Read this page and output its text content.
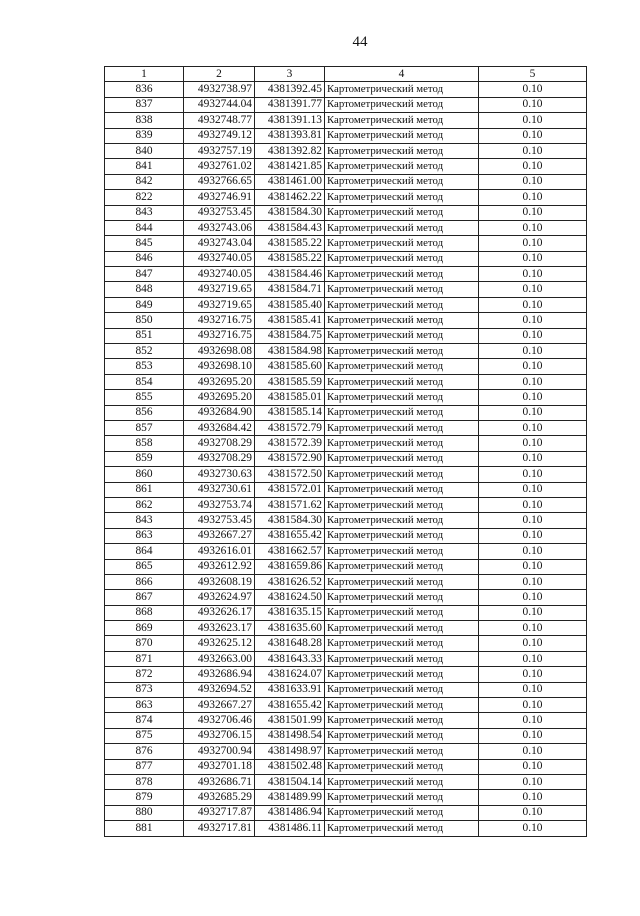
44
1	2	3	4	5
836	4932738.97	4381392.45	Картометрический метод	0.10
837	4932744.04	4381391.77	Картометрический метод	0.10
838	4932748.77	4381391.13	Картометрический метод	0.10
839	4932749.12	4381393.81	Картометрический метод	0.10
840	4932757.19	4381392.82	Картометрический метод	0.10
841	4932761.02	4381421.85	Картометрический метод	0.10
842	4932766.65	4381461.00	Картометрический метод	0.10
822	4932746.91	4381462.22	Картометрический метод	0.10
843	4932753.45	4381584.30	Картометрический метод	0.10
844	4932743.06	4381584.43	Картометрический метод	0.10
845	4932743.04	4381585.22	Картометрический метод	0.10
846	4932740.05	4381585.22	Картометрический метод	0.10
847	4932740.05	4381584.46	Картометрический метод	0.10
848	4932719.65	4381584.71	Картометрический метод	0.10
849	4932719.65	4381585.40	Картометрический метод	0.10
850	4932716.75	4381585.41	Картометрический метод	0.10
851	4932716.75	4381584.75	Картометрический метод	0.10
852	4932698.08	4381584.98	Картометрический метод	0.10
853	4932698.10	4381585.60	Картометрический метод	0.10
854	4932695.20	4381585.59	Картометрический метод	0.10
855	4932695.20	4381585.01	Картометрический метод	0.10
856	4932684.90	4381585.14	Картометрический метод	0.10
857	4932684.42	4381572.79	Картометрический метод	0.10
858	4932708.29	4381572.39	Картометрический метод	0.10
859	4932708.29	4381572.90	Картометрический метод	0.10
860	4932730.63	4381572.50	Картометрический метод	0.10
861	4932730.61	4381572.01	Картометрический метод	0.10
862	4932753.74	4381571.62	Картометрический метод	0.10
843	4932753.45	4381584.30	Картометрический метод	0.10
863	4932667.27	4381655.42	Картометрический метод	0.10
864	4932616.01	4381662.57	Картометрический метод	0.10
865	4932612.92	4381659.86	Картометрический метод	0.10
866	4932608.19	4381626.52	Картометрический метод	0.10
867	4932624.97	4381624.50	Картометрический метод	0.10
868	4932626.17	4381635.15	Картометрический метод	0.10
869	4932623.17	4381635.60	Картометрический метод	0.10
870	4932625.12	4381648.28	Картометрический метод	0.10
871	4932663.00	4381643.33	Картометрический метод	0.10
872	4932686.94	4381624.07	Картометрический метод	0.10
873	4932694.52	4381633.91	Картометрический метод	0.10
863	4932667.27	4381655.42	Картометрический метод	0.10
874	4932706.46	4381501.99	Картометрический метод	0.10
875	4932706.15	4381498.54	Картометрический метод	0.10
876	4932700.94	4381498.97	Картометрический метод	0.10
877	4932701.18	4381502.48	Картометрический метод	0.10
878	4932686.71	4381504.14	Картометрический метод	0.10
879	4932685.29	4381489.99	Картометрический метод	0.10
880	4932717.87	4381486.94	Картометрический метод	0.10
881	4932717.81	4381486.11	Картометрический метод	0.10
